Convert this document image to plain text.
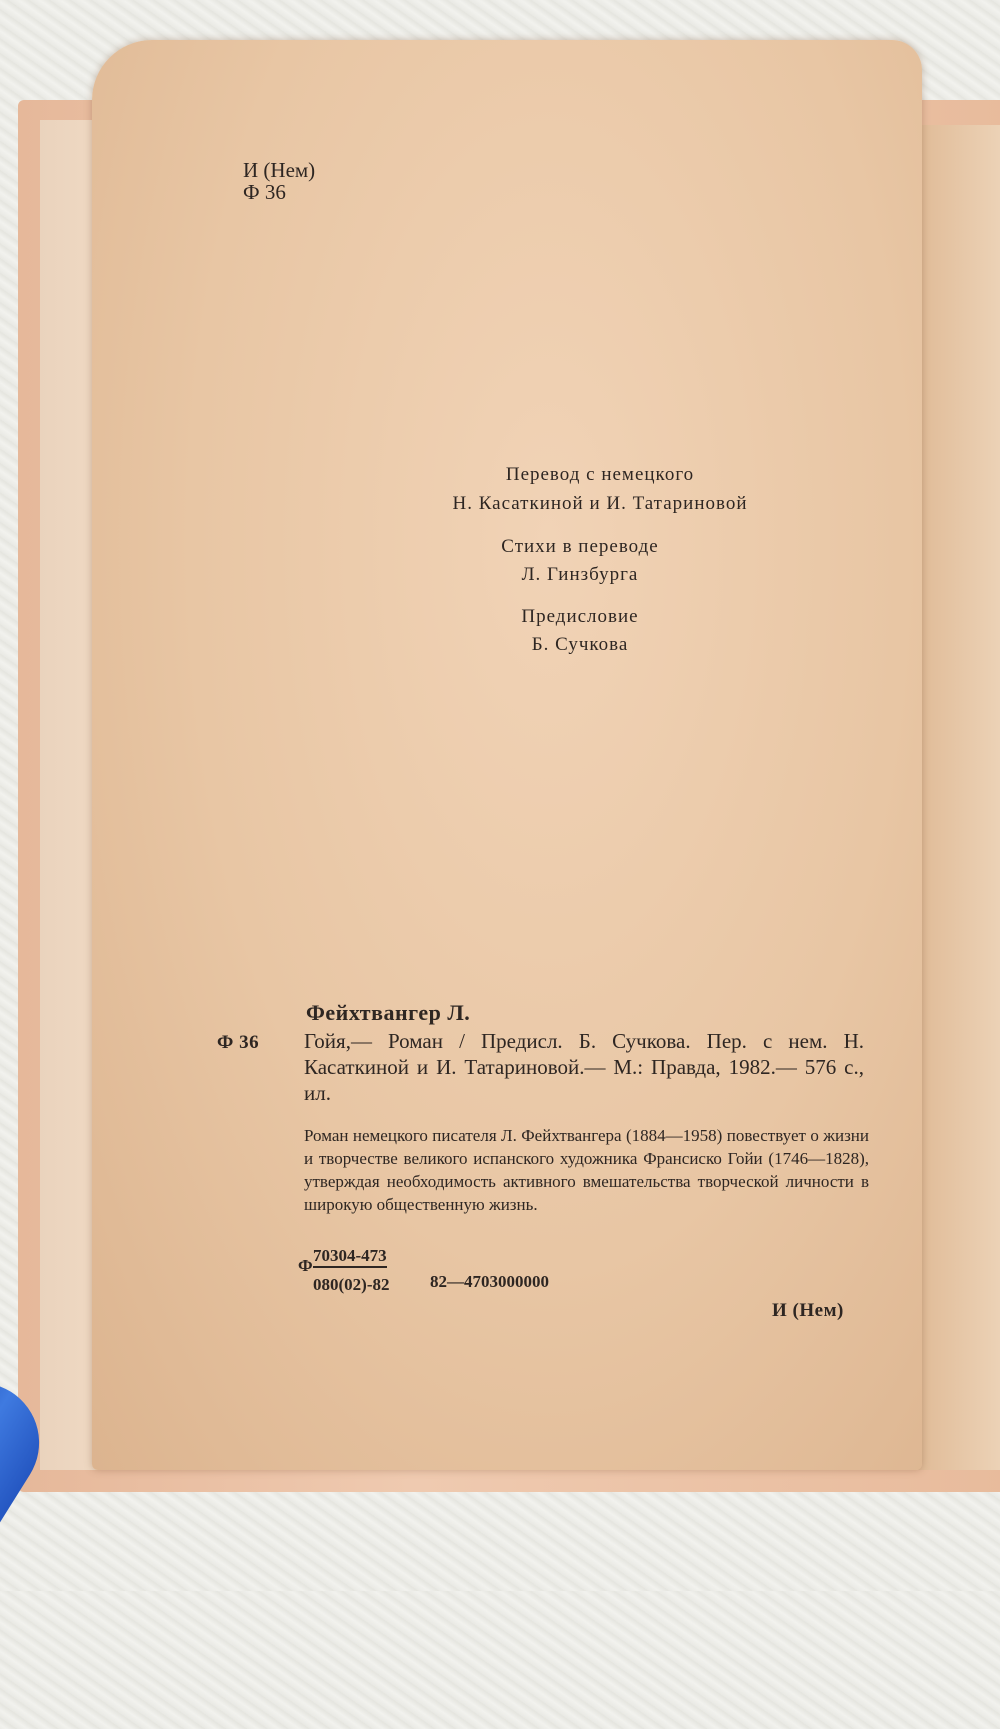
И (Нем)
Ф 36
Перевод с немецкого
Н. Касаткиной и И. Татариновой
Стихи в переводе
Л. Гинзбурга
Предисловие
Б. Сучкова
Фейхтвангер Л.
Ф 36 Гойя,— Роман / Предисл. Б. Сучкова. Пер. с нем. Н. Касаткиной и И. Татариновой.— М.: Правда, 1982.— 576 с., ил.
Роман немецкого писателя Л. Фейхтвангера (1884—1958) повествует о жизни и творчестве великого испанского художника Франсиско Гойи (1746—1828), утверждая необходимость активного вмешательства творческой личности в широкую общественную жизнь.
Ф
70304-473
080(02)-82 82—4703000000
И (Нем)
